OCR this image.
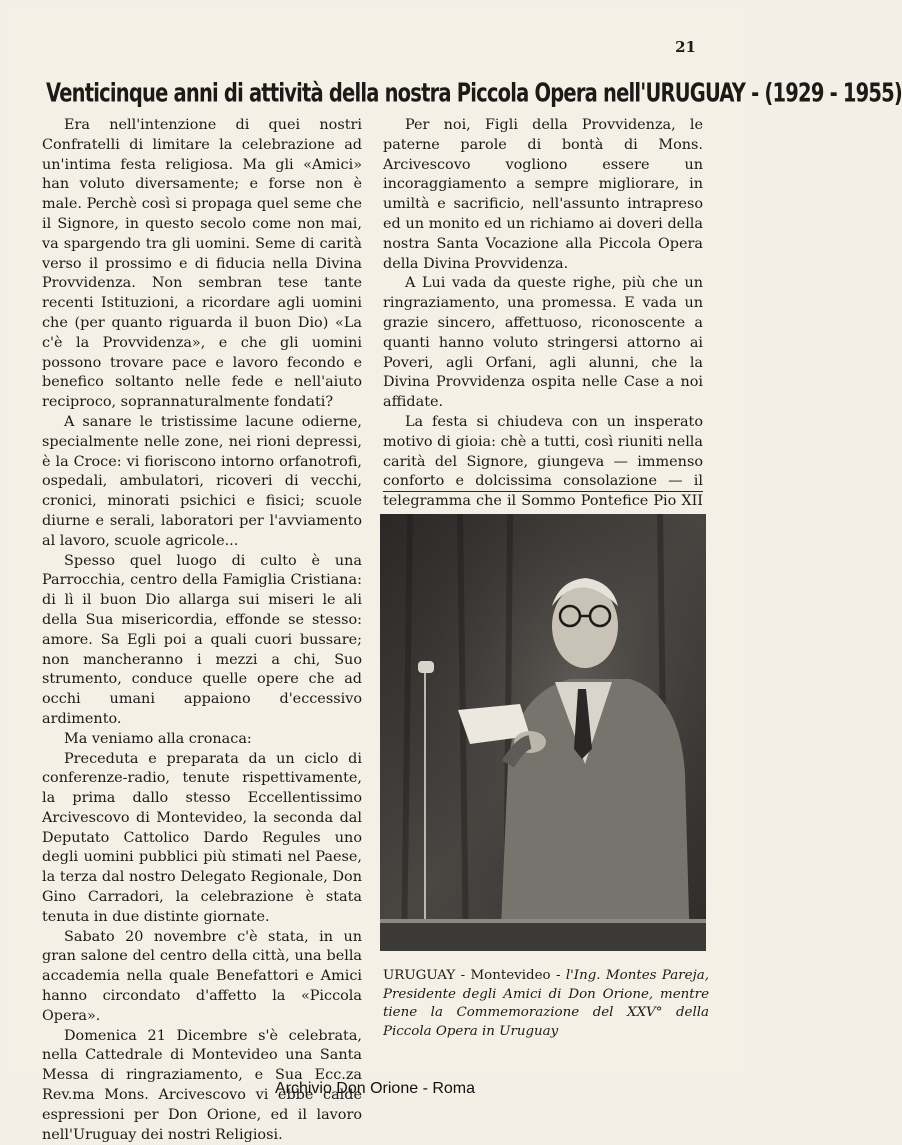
21
Venticinque anni di attività della nostra Piccola Opera nell'URUGUAY - (1929 - 1955)

Era nell'intenzione di quei nostri Confratelli di limitare la celebrazione ad un'intima festa religiosa. Ma gli «Amici» han voluto diversamente; e forse non è male. Perchè così si propaga quel seme che il Signore, in questo secolo come non mai, va spargendo tra gli uomini. Seme di carità verso il prossimo e di fiducia nella Divina Provvidenza. Non sembran tese tante recenti Istituzioni, a ricordare agli uomini che (per quanto riguarda il buon Dio) «La c'è la Provvidenza», e che gli uomini possono trovare pace e lavoro fecondo e benefico soltanto nelle fede e nell'aiuto reciproco, soprannaturalmente fondati?

A sanare le tristissime lacune odierne, specialmente nelle zone, nei rioni depressi, è la Croce: vi fioriscono intorno orfanotrofi, ospedali, ambulatori, ricoveri di vecchi, cronici, minorati psichici e fisici; scuole diurne e serali, laboratori per l'avviamento al lavoro, scuole agricole...

Spesso quel luogo di culto è una Parrocchia, centro della Famiglia Cristiana: di lì il buon Dio allarga sui miseri le ali della Sua misericordia, effonde se stesso: amore. Sa Egli poi a quali cuori bussare; non mancheranno i mezzi a chi, Suo strumento, conduce quelle opere che ad occhi umani appaiono d'eccessivo ardimento.

Ma veniamo alla cronaca:

Preceduta e preparata da un ciclo di conferenze-radio, tenute rispettivamente, la prima dallo stesso Eccellentissimo Arcivescovo di Montevideo, la seconda dal Deputato Cattolico Dardo Regules uno degli uomini pubblici più stimati nel Paese, la terza dal nostro Delegato Regionale, Don Gino Carradori, la celebrazione è stata tenuta in due distinte giornate.

Sabato 20 novembre c'è stata, in un gran salone del centro della città, una bella accademia nella quale Benefattori e Amici hanno circondato d'affetto la «Piccola Opera».

Domenica 21 Dicembre s'è celebrata, nella Cattedrale di Montevideo una Santa Messa di ringraziamento, e Sua Ecc.za Rev.ma Mons. Arcivescovo vi ebbe calde espressioni per Don Orione, ed il lavoro nell'Uruguay dei nostri Religiosi.

Per noi, Figli della Provvidenza, le paterne parole di bontà di Mons. Arcivescovo vogliono essere un incoraggiamento a sempre migliorare, in umiltà e sacrificio, nell'assunto intrapreso ed un monito ed un richiamo ai doveri della nostra Santa Vocazione alla Piccola Opera della Divina Provvidenza.

A Lui vada da queste righe, più che un ringraziamento, una promessa. E vada un grazie sincero, affettuoso, riconoscente a quanti hanno voluto stringersi attorno ai Poveri, agli Orfani, agli alunni, che la Divina Provvidenza ospita nelle Case a noi affidate.

La festa si chiudeva con un insperato motivo di gioia: chè a tutti, così riuniti nella carità del Signore, giungeva — immenso conforto e dolcissima consolazione — il telegramma che il Sommo Pontefice Pio XII

URUGUAY - Montevideo - l'Ing. Montes Pareja, Presidente degli Amici di Don Orione, mentre tiene la Commemorazione del XXV° della Piccola Opera in Uruguay
Archivio Don Orione - Roma
